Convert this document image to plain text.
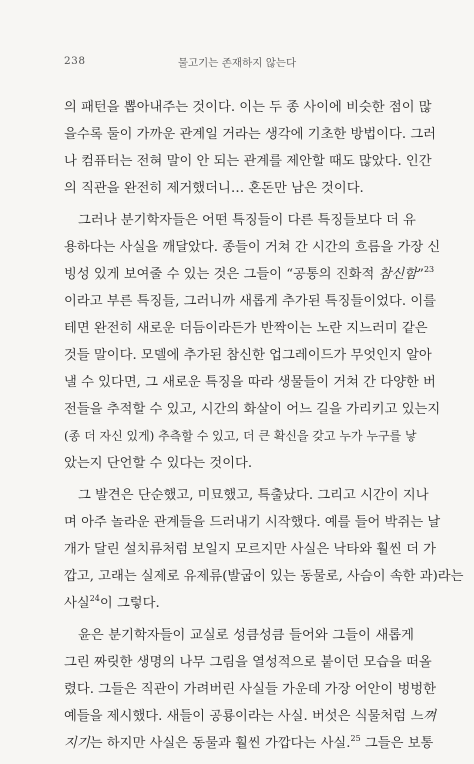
238	물고기는 존재하지 않는다

의 패턴을 뽑아내주는 것이다. 이는 두 종 사이에 비슷한 점이 많
을수록 둘이 가까운 관계일 거라는 생각에 기초한 방법이다. 그러
나 컴퓨터는 전혀 말이 안 되는 관계를 제안할 때도 많았다. 인간
의 직관을 완전히 제거했더니… 혼돈만 남은 것이다.

그러나 분기학자들은 어떤 특징들이 다른 특징들보다 더 유
용하다는 사실을 깨달았다. 종들이 거쳐 간 시간의 흐름을 가장 신
빙성 있게 보여줄 수 있는 것은 그들이 “공통의 진화적 참신함”$^{23}$
이라고 부른 특징들, 그러니까 새롭게 추가된 특징들이었다. 이를
테면 완전히 새로운 더듬이라든가 반짝이는 노란 지느러미 같은
것들 말이다. 모델에 추가된 참신한 업그레이드가 무엇인지 알아
낼 수 있다면, 그 새로운 특징을 따라 생물들이 거쳐 간 다양한 버
전들을 추적할 수 있고, 시간의 화살이 어느 길을 가리키고 있는지
(종 더 자신 있게) 추측할 수 있고, 더 큰 확신을 갖고 누가 누구를 낳
았는지 단언할 수 있다는 것이다.

그 발견은 단순했고, 미묘했고, 특출났다. 그리고 시간이 지나
며 아주 놀라운 관계들을 드러내기 시작했다. 예를 들어 박쥐는 날
개가 달린 설치류처럼 보일지 모르지만 사실은 낙타와 훨씬 더 가
깝고, 고래는 실제로 유제류(발굽이 있는 동물로, 사슴이 속한 과)라는
사실$^{24}$이 그렇다.

윤은 분기학자들이 교실로 성큼성큼 들어와 그들이 새롭게
그린 짜릿한 생명의 나무 그림을 열성적으로 붙이던 모습을 떠올
렸다. 그들은 직관이 가려버린 사실들 가운데 가장 어안이 벙벙한
예들을 제시했다. 새들이 공룡이라는 사실. 버섯은 식물처럼 느껴
지기는 하지만 사실은 동물과 훨씬 가깝다는 사실.$^{25}$ 그들은 보통
